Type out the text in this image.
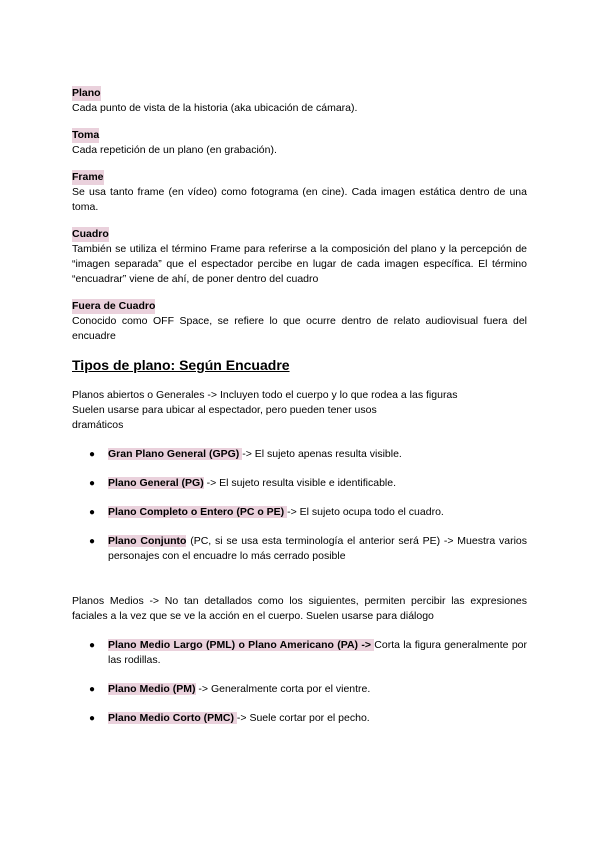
Plano
Cada punto de vista de la historia (aka ubicación de cámara).
Toma
Cada repetición de un plano (en grabación).
Frame
Se usa tanto frame (en vídeo) como fotograma (en cine). Cada imagen estática dentro de una toma.
Cuadro
También se utiliza el término Frame para referirse a la composición del plano y la percepción de “imagen separada” que el espectador percibe en lugar de cada imagen específica. El término “encuadrar” viene de ahí, de poner dentro del cuadro
Fuera de Cuadro
Conocido como OFF Space, se refiere lo que ocurre dentro de relato audiovisual fuera del encuadre
Tipos de plano: Según Encuadre

Planos abiertos o Generales -> Incluyen todo el cuerpo y lo que rodea a las figuras

Suelen usarse para ubicar al espectador, pero pueden tener usos

dramáticos

● Gran Plano General (GPG) -> El sujeto apenas resulta visible.
● Plano General (PG) -> El sujeto resulta visible e identificable.
● Plano Completo o Entero (PC o PE) -> El sujeto ocupa todo el cuadro.
● Plano Conjunto (PC, si se usa esta terminología el anterior será PE) -> Muestra varios personajes con el encuadre lo más cerrado posible
Planos Medios -> No tan detallados como los siguientes, permiten percibir las expresiones faciales a la vez que se ve la acción en el cuerpo. Suelen usarse para diálogo
● Plano Medio Largo (PML) o Plano Americano (PA) -> Corta la figura generalmente por las rodillas.
● Plano Medio (PM) -> Generalmente corta por el vientre.
● Plano Medio Corto (PMC) -> Suele cortar por el pecho.
